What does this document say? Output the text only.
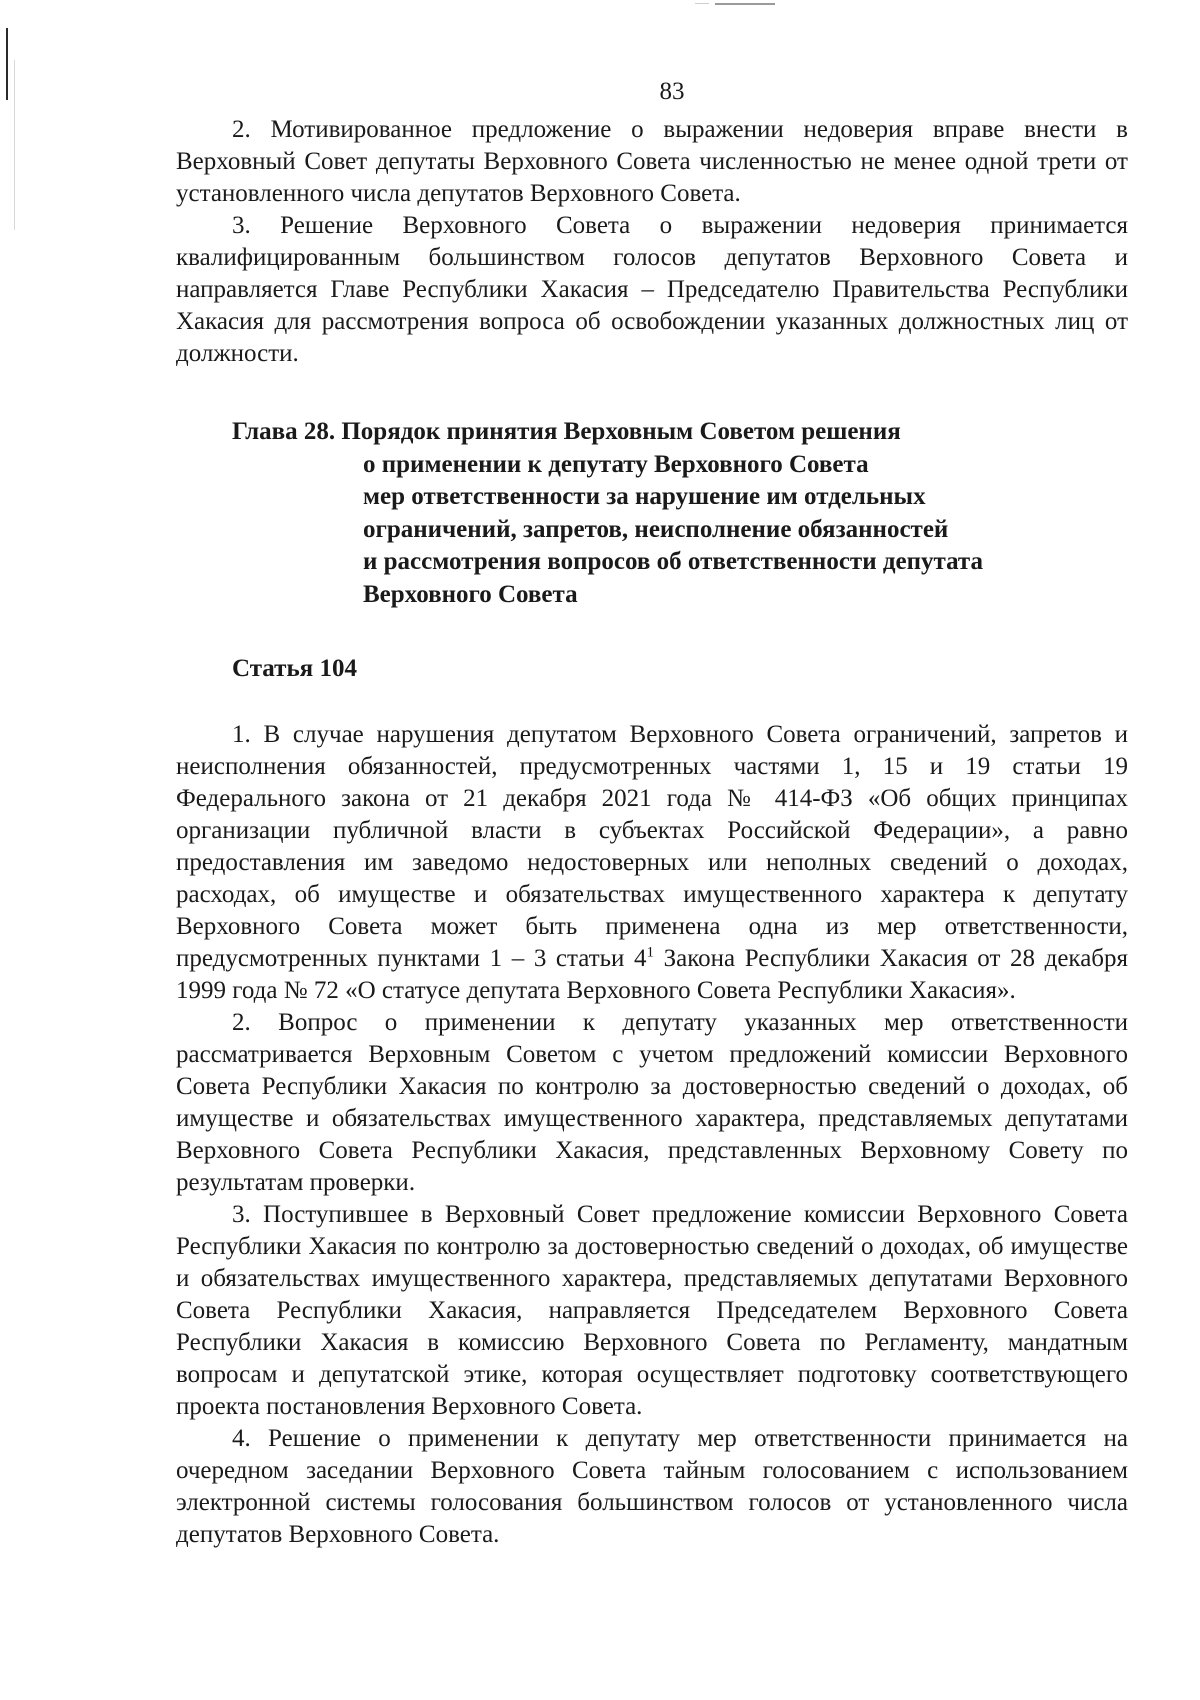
83

2. Мотивированное предложение о выражении недоверия вправе внести в Верховный Совет депутаты Верховного Совета численностью не менее одной трети от установленного числа депутатов Верховного Совета.

3. Решение Верховного Совета о выражении недоверия принимается квалифицированным большинством голосов депутатов Верховного Совета и направляется Главе Республики Хакасия – Председателю Правительства Республики Хакасия для рассмотрения вопроса об освобождении указанных должностных лиц от должности.

Глава 28. Порядок принятия Верховным Советом решения
о применении к депутату Верховного Совета
мер ответственности за нарушение им отдельных
ограничений, запретов, неисполнение обязанностей
и рассмотрения вопросов об ответственности депутата
Верховного Совета
Статья 104

1. В случае нарушения депутатом Верховного Совета ограничений, запретов и неисполнения обязанностей, предусмотренных частями 1, 15 и 19 статьи 19 Федерального закона от 21 декабря 2021 года № 414-ФЗ «Об общих принципах организации публичной власти в субъектах Российской Федерации», а равно предоставления им заведомо недостоверных или неполных сведений о доходах, расходах, об имуществе и обязательствах имущественного характера к депутату Верховного Совета может быть применена одна из мер ответственности, предусмотренных пунктами 1 – 3 статьи $4^1$ Закона Республики Хакасия от 28 декабря 1999 года № 72 «О статусе депутата Верховного Совета Республики Хакасия».

2. Вопрос о применении к депутату указанных мер ответственности рассматривается Верховным Советом с учетом предложений комиссии Верховного Совета Республики Хакасия по контролю за достоверностью сведений о доходах, об имуществе и обязательствах имущественного характера, представляемых депутатами Верховного Совета Республики Хакасия, представленных Верховному Совету по результатам проверки.

3. Поступившее в Верховный Совет предложение комиссии Верховного Совета Республики Хакасия по контролю за достоверностью сведений о доходах, об имуществе и обязательствах имущественного характера, представляемых депутатами Верховного Совета Республики Хакасия, направляется Председателем Верховного Совета Республики Хакасия в комиссию Верховного Совета по Регламенту, мандатным вопросам и депутатской этике, которая осуществляет подготовку соответствующего проекта постановления Верховного Совета.

4. Решение о применении к депутату мер ответственности принимается на очередном заседании Верховного Совета тайным голосованием с использованием электронной системы голосования большинством голосов от установленного числа депутатов Верховного Совета.
